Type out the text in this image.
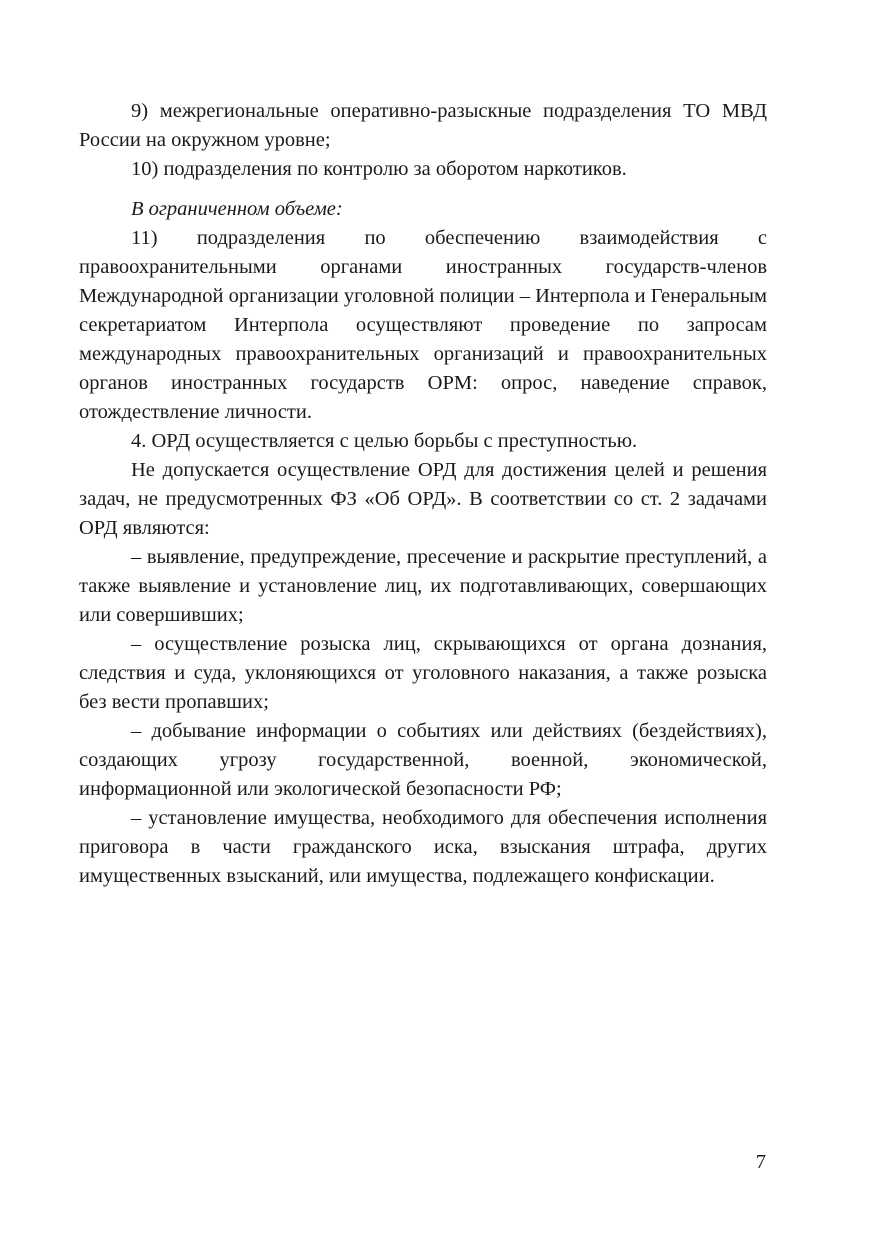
9) межрегиональные оперативно-разыскные подразделения ТО МВД России на окружном уровне;

10) подразделения по контролю за оборотом наркотиков.

В ограниченном объеме:

11) подразделения по обеспечению взаимодействия с правоохранительными органами иностранных государств-членов Международной организации уголовной полиции – Интерпола и Генеральным секретариатом Интерпола осуществляют проведение по запросам международных правоохранительных организаций и правоохранительных органов иностранных государств ОРМ: опрос, наведение справок, отождествление личности.

4. ОРД осуществляется с целью борьбы с преступностью.

Не допускается осуществление ОРД для достижения целей и решения задач, не предусмотренных ФЗ «Об ОРД». В соответствии со ст. 2 задачами ОРД являются:

– выявление, предупреждение, пресечение и раскрытие преступлений, а также выявление и установление лиц, их подготавливающих, совершающих или совершивших;

– осуществление розыска лиц, скрывающихся от органа дознания, следствия и суда, уклоняющихся от уголовного наказания, а также розыска без вести пропавших;

– добывание информации о событиях или действиях (бездействиях), создающих угрозу государственной, военной, экономической, информационной или экологической безопасности РФ;

– установление имущества, необходимого для обеспечения исполнения приговора в части гражданского иска, взыскания штрафа, других имущественных взысканий, или имущества, подлежащего конфискации.

7
